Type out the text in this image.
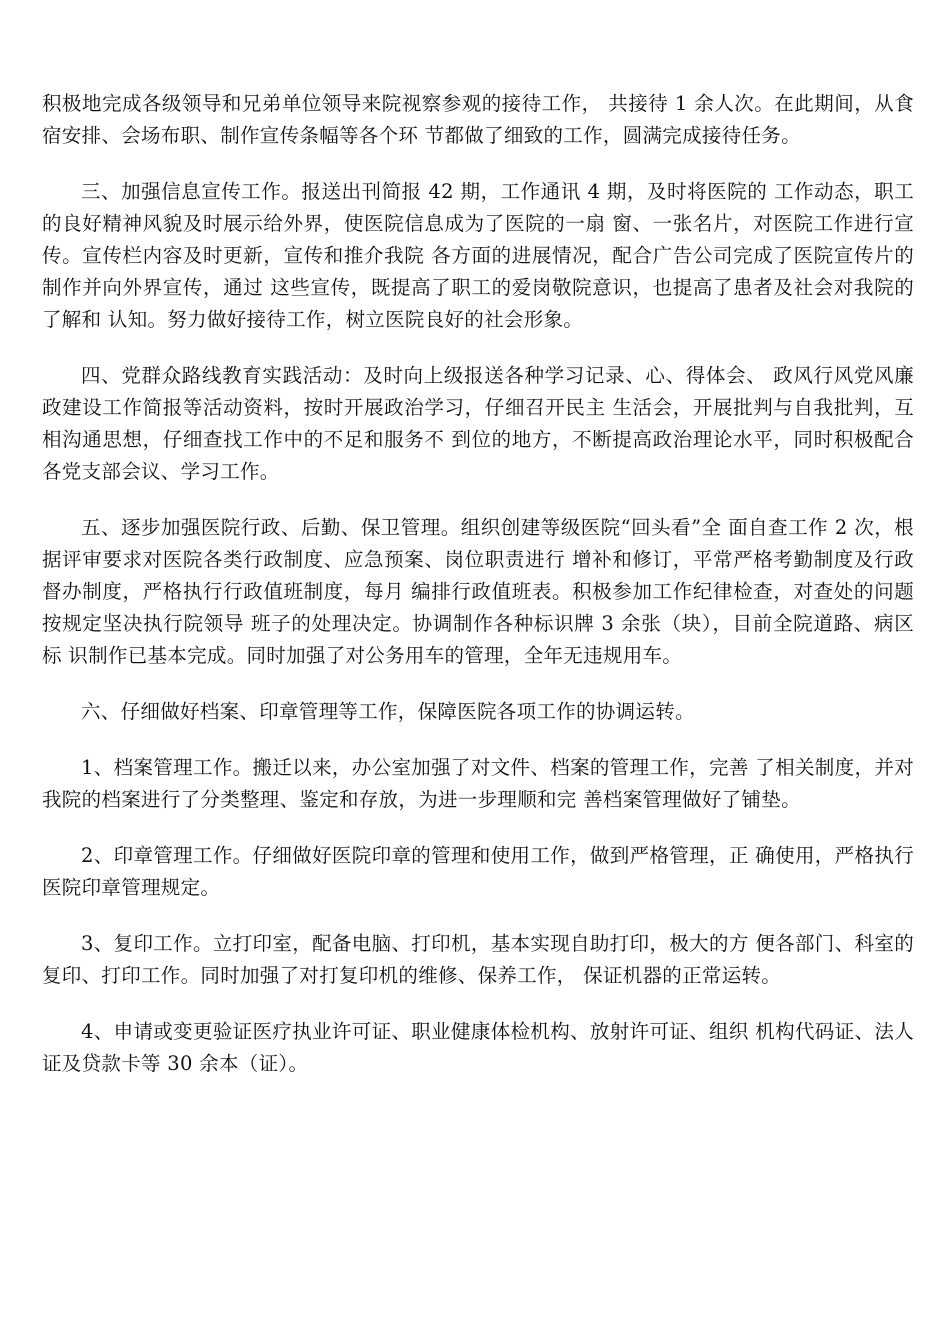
积极地完成各级领导和兄弟单位领导来院视察参观的接待工作， 共接待 1 余人次。在此期间，从食宿安排、会场布职、制作宣传条幅等各个环 节都做了细致的工作，圆满完成接待任务。

三、加强信息宣传工作。报送出刊简报 42 期，工作通讯 4 期，及时将医院的 工作动态，职工的良好精神风貌及时展示给外界，使医院信息成为了医院的一扇 窗、一张名片，对医院工作进行宣传。宣传栏内容及时更新，宣传和推介我院 各方面的进展情况，配合广告公司完成了医院宣传片的制作并向外界宣传，通过 这些宣传，既提高了职工的爱岗敬院意识，也提高了患者及社会对我院的了解和 认知。努力做好接待工作，树立医院良好的社会形象。

四、党群众路线教育实践活动：及时向上级报送各种学习记录、心、得体会、 政风行风党风廉政建设工作简报等活动资料，按时开展政治学习，仔细召开民主 生活会，开展批判与自我批判，互相沟通思想，仔细查找工作中的不足和服务不 到位的地方，不断提高政治理论水平，同时积极配合各党支部会议、学习工作。

五、逐步加强医院行政、后勤、保卫管理。组织创建等级医院“回头看”全 面自查工作 2 次，根据评审要求对医院各类行政制度、应急预案、岗位职责进行 增补和修订，平常严格考勤制度及行政督办制度，严格执行行政值班制度，每月 编排行政值班表。积极参加工作纪律检查，对查处的问题按规定坚决执行院领导 班子的处理决定。协调制作各种标识牌 3 余张（块），目前全院道路、病区标 识制作已基本完成。同时加强了对公务用车的管理，全年无违规用车。

六、仔细做好档案、印章管理等工作，保障医院各项工作的协调运转。

1、档案管理工作。搬迁以来，办公室加强了对文件、档案的管理工作，完善 了相关制度，并对我院的档案进行了分类整理、鉴定和存放，为进一步理顺和完 善档案管理做好了铺垫。

2、印章管理工作。仔细做好医院印章的管理和使用工作，做到严格管理，正 确使用，严格执行医院印章管理规定。

3、复印工作。立打印室，配备电脑、打印机，基本实现自助打印，极大的方 便各部门、科室的复印、打印工作。同时加强了对打复印机的维修、保养工作， 保证机器的正常运转。

4、申请或变更验证医疗执业许可证、职业健康体检机构、放射许可证、组织 机构代码证、法人证及贷款卡等 30 余本（证）。
